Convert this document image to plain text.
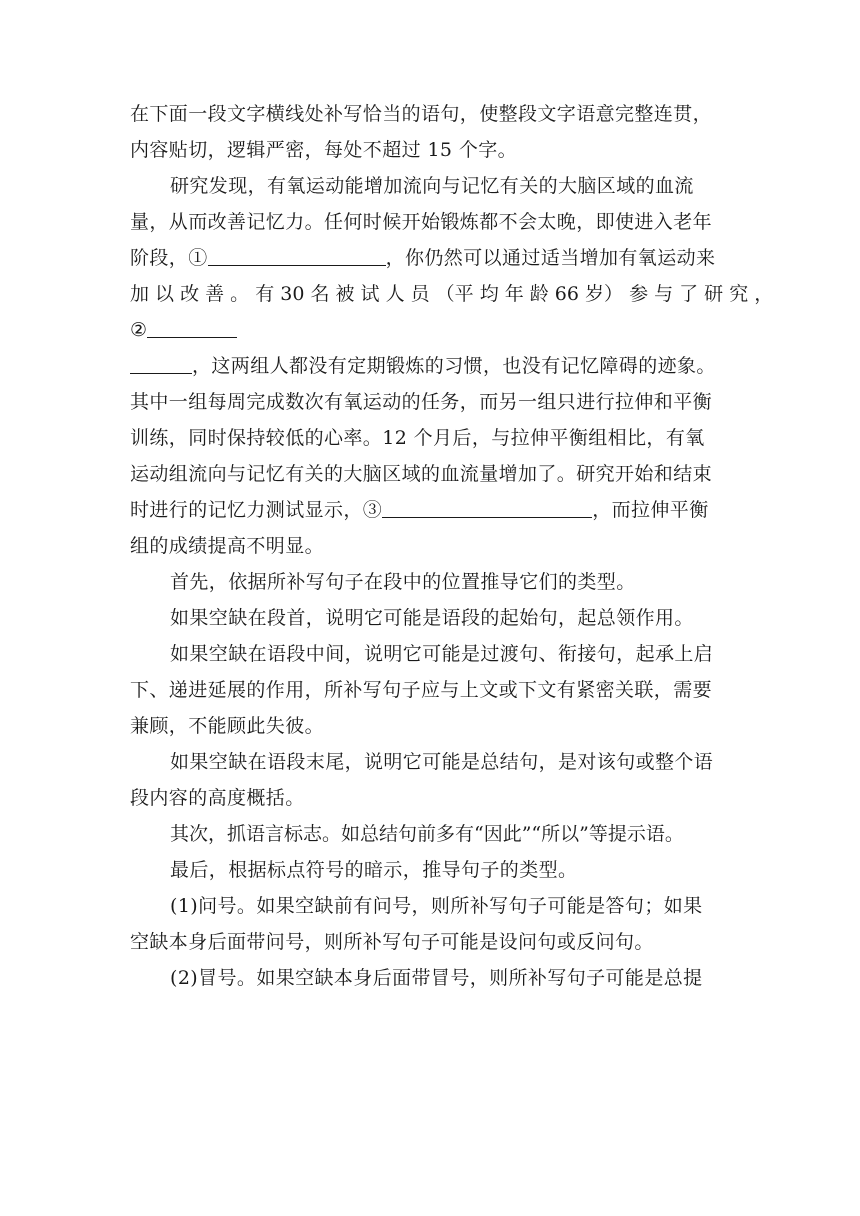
在下面一段文字横线处补写恰当的语句，使整段文字语意完整连贯，
内容贴切，逻辑严密，每处不超过 15 个字。
研究发现，有氧运动能增加流向与记忆有关的大脑区域的血流
量，从而改善记忆力。任何时候开始锻炼都不会太晚，即使进入老年
阶段，①	，你仍然可以通过适当增加有氧运动来
加 以 改 善 。 有 30 名 被 试 人 员 （平 均 年 龄 66 岁） 参 与 了 研 究 ，
②
，这两组人都没有定期锻炼的习惯，也没有记忆障碍的迹象。
其中一组每周完成数次有氧运动的任务，而另一组只进行拉伸和平衡
训练，同时保持较低的心率。12 个月后，与拉伸平衡组相比，有氧
运动组流向与记忆有关的大脑区域的血流量增加了。研究开始和结束
时进行的记忆力测试显示，③	，而拉伸平衡
组的成绩提高不明显。
首先，依据所补写句子在段中的位置推导它们的类型。
如果空缺在段首，说明它可能是语段的起始句，起总领作用。
如果空缺在语段中间，说明它可能是过渡句、衔接句，起承上启
下、递进延展的作用，所补写句子应与上文或下文有紧密关联，需要
兼顾，不能顾此失彼。
如果空缺在语段末尾，说明它可能是总结句，是对该句或整个语
段内容的高度概括。
其次，抓语言标志。如总结句前多有“因此”“所以”等提示语。
最后，根据标点符号的暗示，推导句子的类型。
(1)问号。如果空缺前有问号，则所补写句子可能是答句；如果
空缺本身后面带问号，则所补写句子可能是设问句或反问句。
(2)冒号。如果空缺本身后面带冒号，则所补写句子可能是总提
